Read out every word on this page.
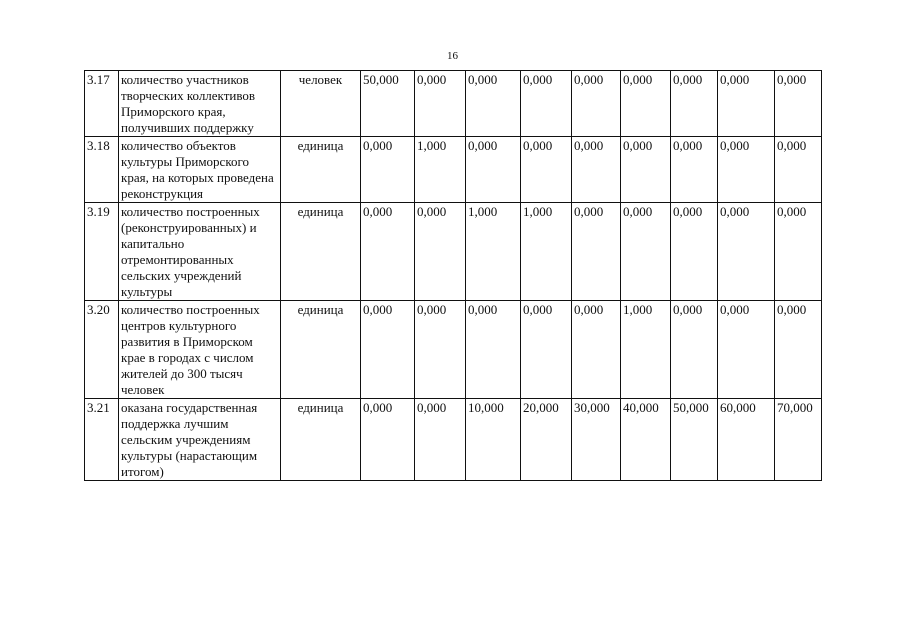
16
3.17	количество участников творческих коллективов Приморского края, получивших поддержку	человек	50,000	0,000	0,000	0,000	0,000	0,000	0,000	0,000	0,000
3.18	количество объектов культуры Приморского края, на которых проведена реконструкция	единица	0,000	1,000	0,000	0,000	0,000	0,000	0,000	0,000	0,000
3.19	количество построенных (реконструированных) и капитально отремонтированных сельских учреждений культуры	единица	0,000	0,000	1,000	1,000	0,000	0,000	0,000	0,000	0,000
3.20	количество построенных центров культурного развития в Приморском крае в городах с числом жителей до 300 тысяч человек	единица	0,000	0,000	0,000	0,000	0,000	1,000	0,000	0,000	0,000
3.21	оказана государственная поддержка лучшим сельским учреждениям культуры (нарастающим итогом)	единица	0,000	0,000	10,000	20,000	30,000	40,000	50,000	60,000	70,000
